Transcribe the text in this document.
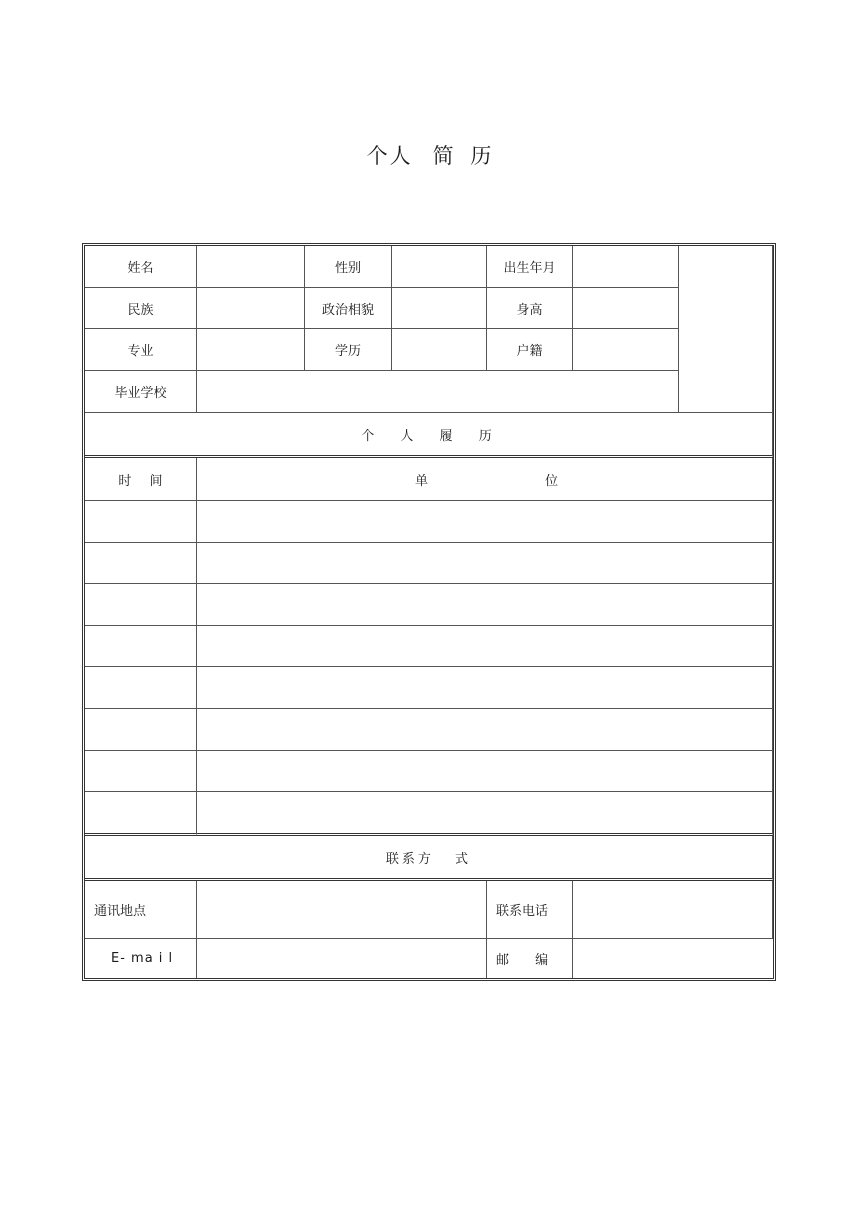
个人 简 历
姓名	性别	出生年月
民族	政治相貌	身高
专业	学历	户籍
毕业学校
个 人 履 历
时 间	单	位
联系方 式
通讯地点	联系电话
E- ma i l	邮 编
